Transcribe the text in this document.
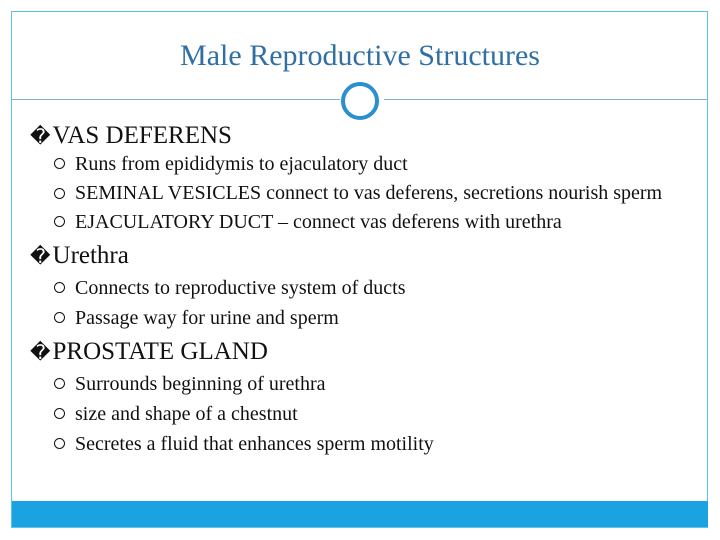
Male Reproductive Structures
�VAS DEFERENS
Runs from epididymis to ejaculatory duct
SEMINAL VESICLES connect to vas deferens, secretions nourish sperm
EJACULATORY DUCT – connect vas deferens with urethra
�Urethra
Connects to reproductive system of ducts
Passage way for urine and sperm
�PROSTATE GLAND
Surrounds beginning of urethra
size and shape of a chestnut
Secretes a fluid that enhances sperm motility
